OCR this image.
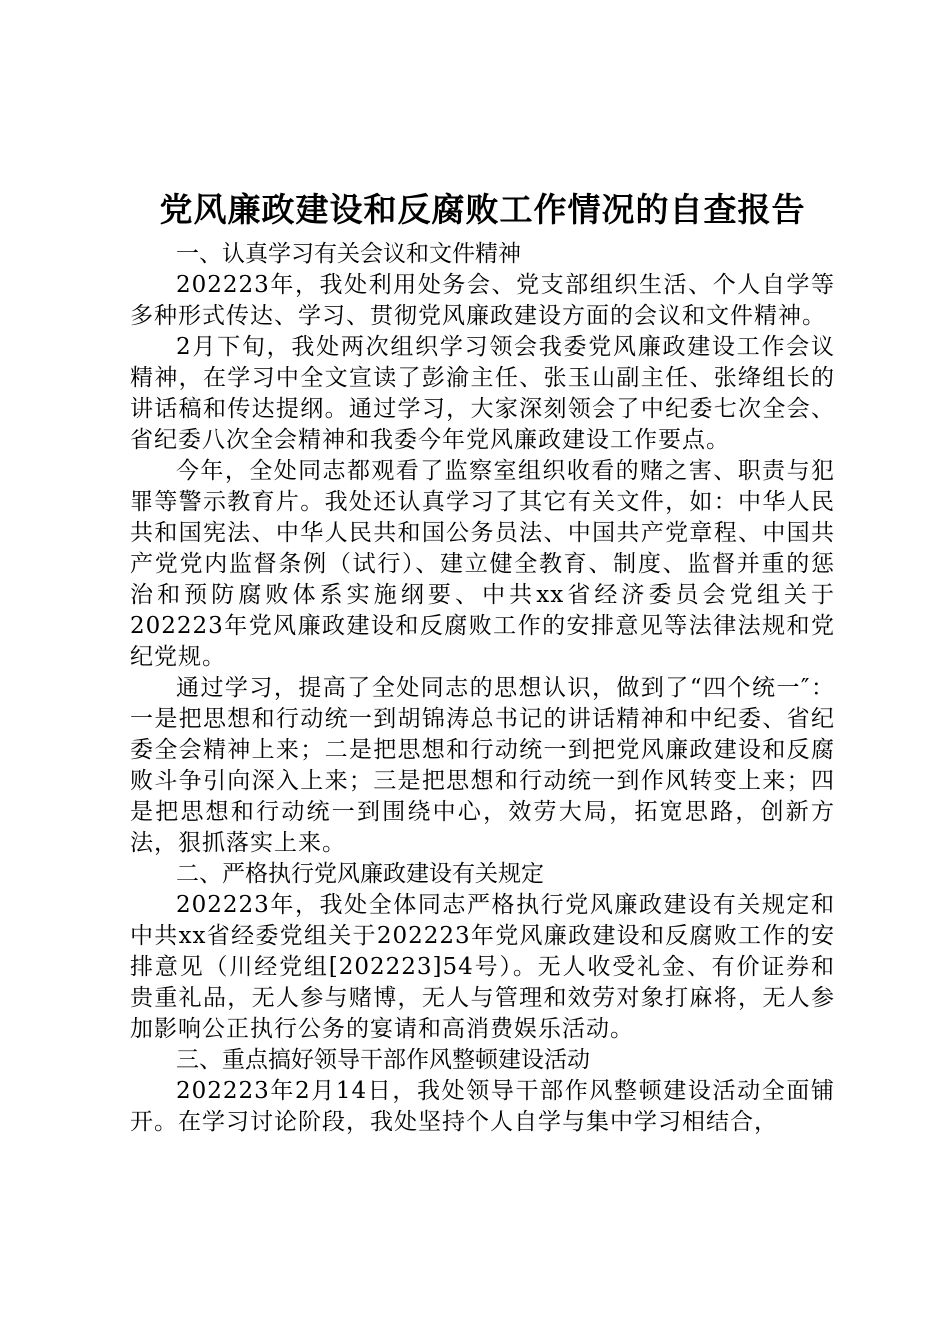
党风廉政建设和反腐败工作情况的自查报告

一、认真学习有关会议和文件精神

202223年，我处利用处务会、党支部组织生活、个人自学等多种形式传达、学习、贯彻党风廉政建设方面的会议和文件精神。

2月下旬，我处两次组织学习领会我委党风廉政建设工作会议精神，在学习中全文宣读了彭渝主任、张玉山副主任、张绛组长的讲话稿和传达提纲。通过学习，大家深刻领会了中纪委七次全会、省纪委八次全会精神和我委今年党风廉政建设工作要点。

今年，全处同志都观看了监察室组织收看的赌之害、职责与犯罪等警示教育片。我处还认真学习了其它有关文件，如：中华人民共和国宪法、中华人民共和国公务员法、中国共产党章程、中国共产党党内监督条例（试行）、建立健全教育、制度、监督并重的惩治和预防腐败体系实施纲要、中共xx省经济委员会党组关于202223年党风廉政建设和反腐败工作的安排意见等法律法规和党纪党规。

通过学习，提高了全处同志的思想认识，做到了“四个统一″：一是把思想和行动统一到胡锦涛总书记的讲话精神和中纪委、省纪委全会精神上来；二是把思想和行动统一到把党风廉政建设和反腐败斗争引向深入上来；三是把思想和行动统一到作风转变上来；四是把思想和行动统一到围绕中心，效劳大局，拓宽思路，创新方法，狠抓落实上来。

二、严格执行党风廉政建设有关规定

202223年，我处全体同志严格执行党风廉政建设有关规定和中共xx省经委党组关于202223年党风廉政建设和反腐败工作的安排意见（川经党组[202223]54号）。无人收受礼金、有价证券和贵重礼品，无人参与赌博，无人与管理和效劳对象打麻将，无人参加影响公正执行公务的宴请和高消费娱乐活动。

三、重点搞好领导干部作风整顿建设活动

202223年2月14日，我处领导干部作风整顿建设活动全面铺开。在学习讨论阶段，我处坚持个人自学与集中学习相结合，
